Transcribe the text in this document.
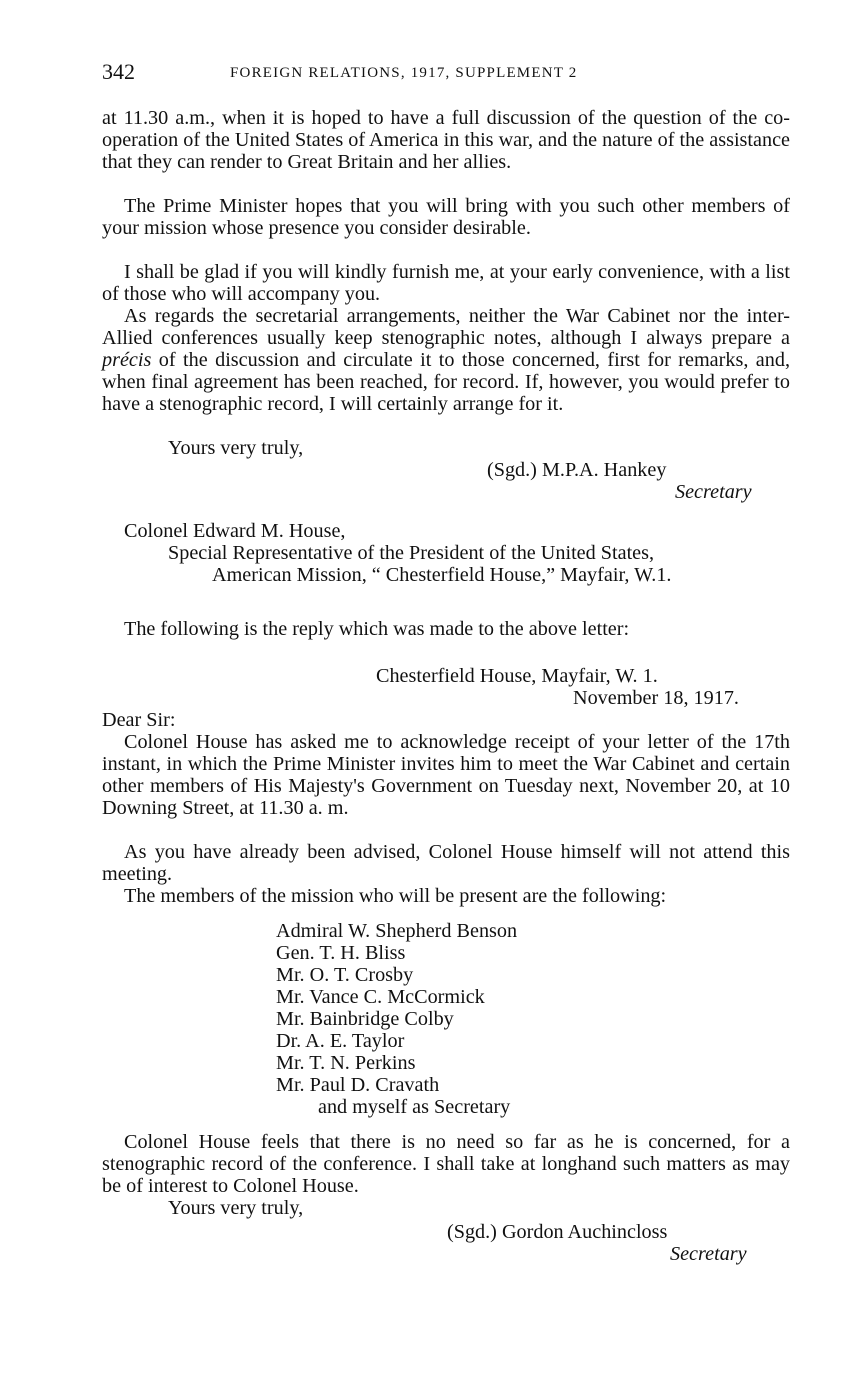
342	FOREIGN RELATIONS, 1917, SUPPLEMENT 2

at 11.30 a.m., when it is hoped to have a full discussion of the question of the co-operation of the United States of America in this war, and the nature of the assistance that they can render to Great Britain and her allies.

The Prime Minister hopes that you will bring with you such other members of your mission whose presence you consider desirable.

I shall be glad if you will kindly furnish me, at your early convenience, with a list of those who will accompany you.

As regards the secretarial arrangements, neither the War Cabinet nor the inter-Allied conferences usually keep stenographic notes, although I always prepare a précis of the discussion and circulate it to those concerned, first for remarks, and, when final agreement has been reached, for record. If, however, you would prefer to have a stenographic record, I will certainly arrange for it.

Yours very truly,

(Sgd.) M.P.A. Hankey

Secretary

Colonel Edward M. House,

Special Representative of the President of the United States,

American Mission, “ Chesterfield House,” Mayfair, W.1.

The following is the reply which was made to the above letter:

Chesterfield House, Mayfair, W. 1.

November 18, 1917.

Dear Sir:

Colonel House has asked me to acknowledge receipt of your letter of the 17th instant, in which the Prime Minister invites him to meet the War Cabinet and certain other members of His Majesty's Government on Tuesday next, November 20, at 10 Downing Street, at 11.30 a. m.

As you have already been advised, Colonel House himself will not attend this meeting.

The members of the mission who will be present are the following:

Admiral W. Shepherd Benson
Gen. T. H. Bliss
Mr. O. T. Crosby
Mr. Vance C. McCormick
Mr. Bainbridge Colby
Dr. A. E. Taylor
Mr. T. N. Perkins
Mr. Paul D. Cravath

and myself as Secretary

Colonel House feels that there is no need so far as he is concerned, for a stenographic record of the conference. I shall take at longhand such matters as may be of interest to Colonel House.

Yours very truly,

(Sgd.) Gordon Auchincloss

Secretary
